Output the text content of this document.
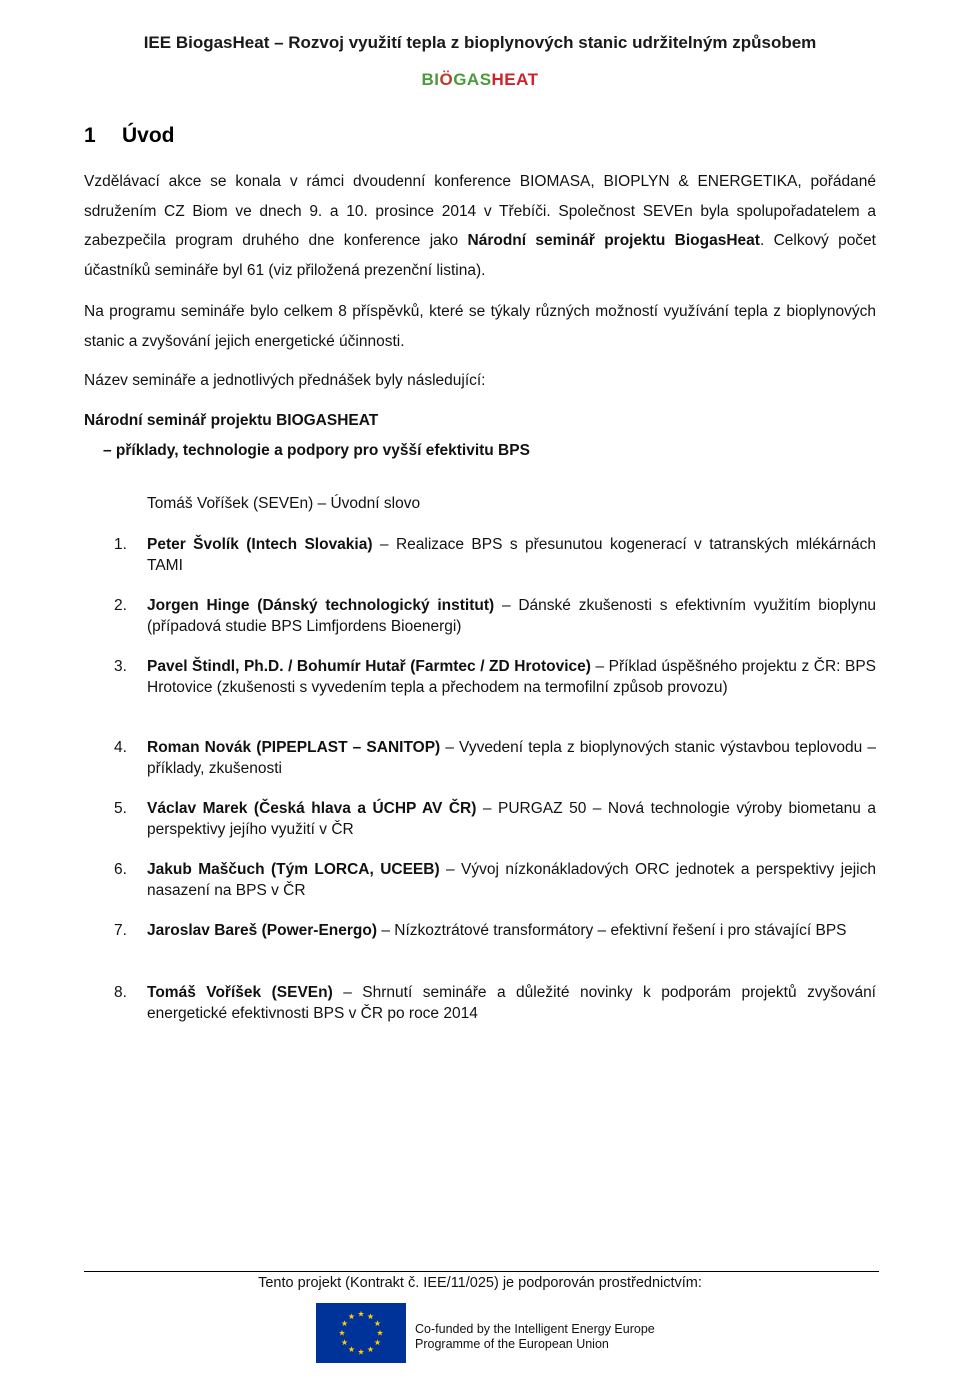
IEE BiogasHeat – Rozvoj využití tepla z bioplynových stanic udržitelným způsobem
BIÖGASHEAT
1 Úvod
Vzdělávací akce se konala v rámci dvoudenní konference BIOMASA, BIOPLYN & ENERGETIKA, pořádané sdružením CZ Biom ve dnech 9. a 10. prosince 2014 v Třebíči. Společnost SEVEn byla spolupořadatelem a zabezpečila program druhého dne konference jako Národní seminář projektu BiogasHeat. Celkový počet účastníků semináře byl 61 (viz přiložená prezenční listina).
Na programu semináře bylo celkem 8 příspěvků, které se týkaly různých možností využívání tepla z bioplynových stanic a zvyšování jejich energetické účinnosti.
Název semináře a jednotlivých přednášek byly následující:
Národní seminář projektu BIOGASHEAT
– příklady, technologie a podpory pro vyšší efektivitu BPS
Tomáš Voříšek (SEVEn) – Úvodní slovo
1. Peter Švolík (Intech Slovakia) – Realizace BPS s přesunutou kogenerací v tatranských mlékárnách TAMI
2. Jorgen Hinge (Dánský technologický institut) – Dánské zkušenosti s efektivním využitím bioplynu (případová studie BPS Limfjordens Bioenergi)
3. Pavel Štindl, Ph.D. / Bohumír Hutař (Farmtec / ZD Hrotovice) – Příklad úspěšného projektu z ČR: BPS Hrotovice (zkušenosti s vyvedením tepla a přechodem na termofilní způsob provozu)
4. Roman Novák (PIPEPLAST – SANITOP) – Vyvedení tepla z bioplynových stanic výstavbou teplovodu – příklady, zkušenosti
5. Václav Marek (Česká hlava a ÚCHP AV ČR) – PURGAZ 50 – Nová technologie výroby biometanu a perspektivy jejího využití v ČR
6. Jakub Maščuch (Tým LORCA, UCEEB) – Vývoj nízkonákladových ORC jednotek a perspektivy jejich nasazení na BPS v ČR
7. Jaroslav Bareš (Power-Energo) – Nízkoztrátové transformátory – efektivní řešení i pro stávající BPS
8. Tomáš Voříšek (SEVEn) – Shrnutí semináře a důležité novinky k podporám projektů zvyšování energetické efektivnosti BPS v ČR po roce 2014
Tento projekt (Kontrakt č. IEE/11/025) je podporován prostřednictvím:
Co-funded by the Intelligent Energy Europe
Programme of the European Union
